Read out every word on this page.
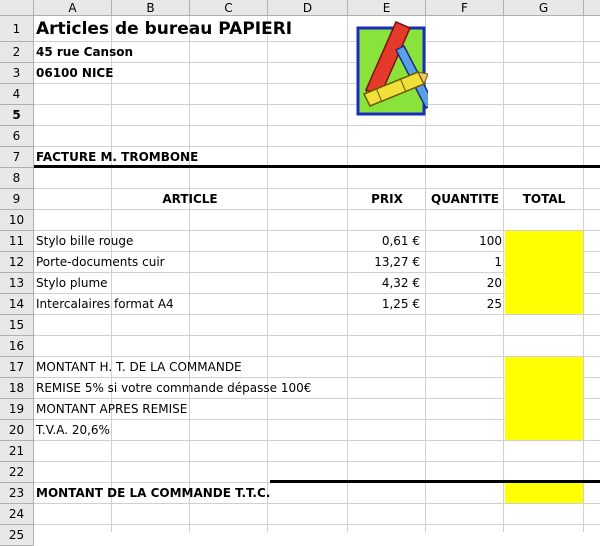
A	B	C	D	E	F	G
1
2
3
4
5
6
7
8
9
10
11
12
13
14
15
16
17
18
19
20
21
22
23
24
25
Articles de bureau PAPIERI
45 rue Canson
06100 NICE
FACTURE M. TROMBONE
ARTICLE	PRIX	QUANTITE	TOTAL
Stylo bille rouge	0,61 €	100
Porte-documents cuir	13,27 €	1
Stylo plume	4,32 €	20
Intercalaires format A4	1,25 €	25
MONTANT H. T. DE LA COMMANDE
REMISE 5% si votre commande dépasse 100€
MONTANT APRES REMISE
T.V.A. 20,6%
MONTANT DE LA COMMANDE T.T.C.
